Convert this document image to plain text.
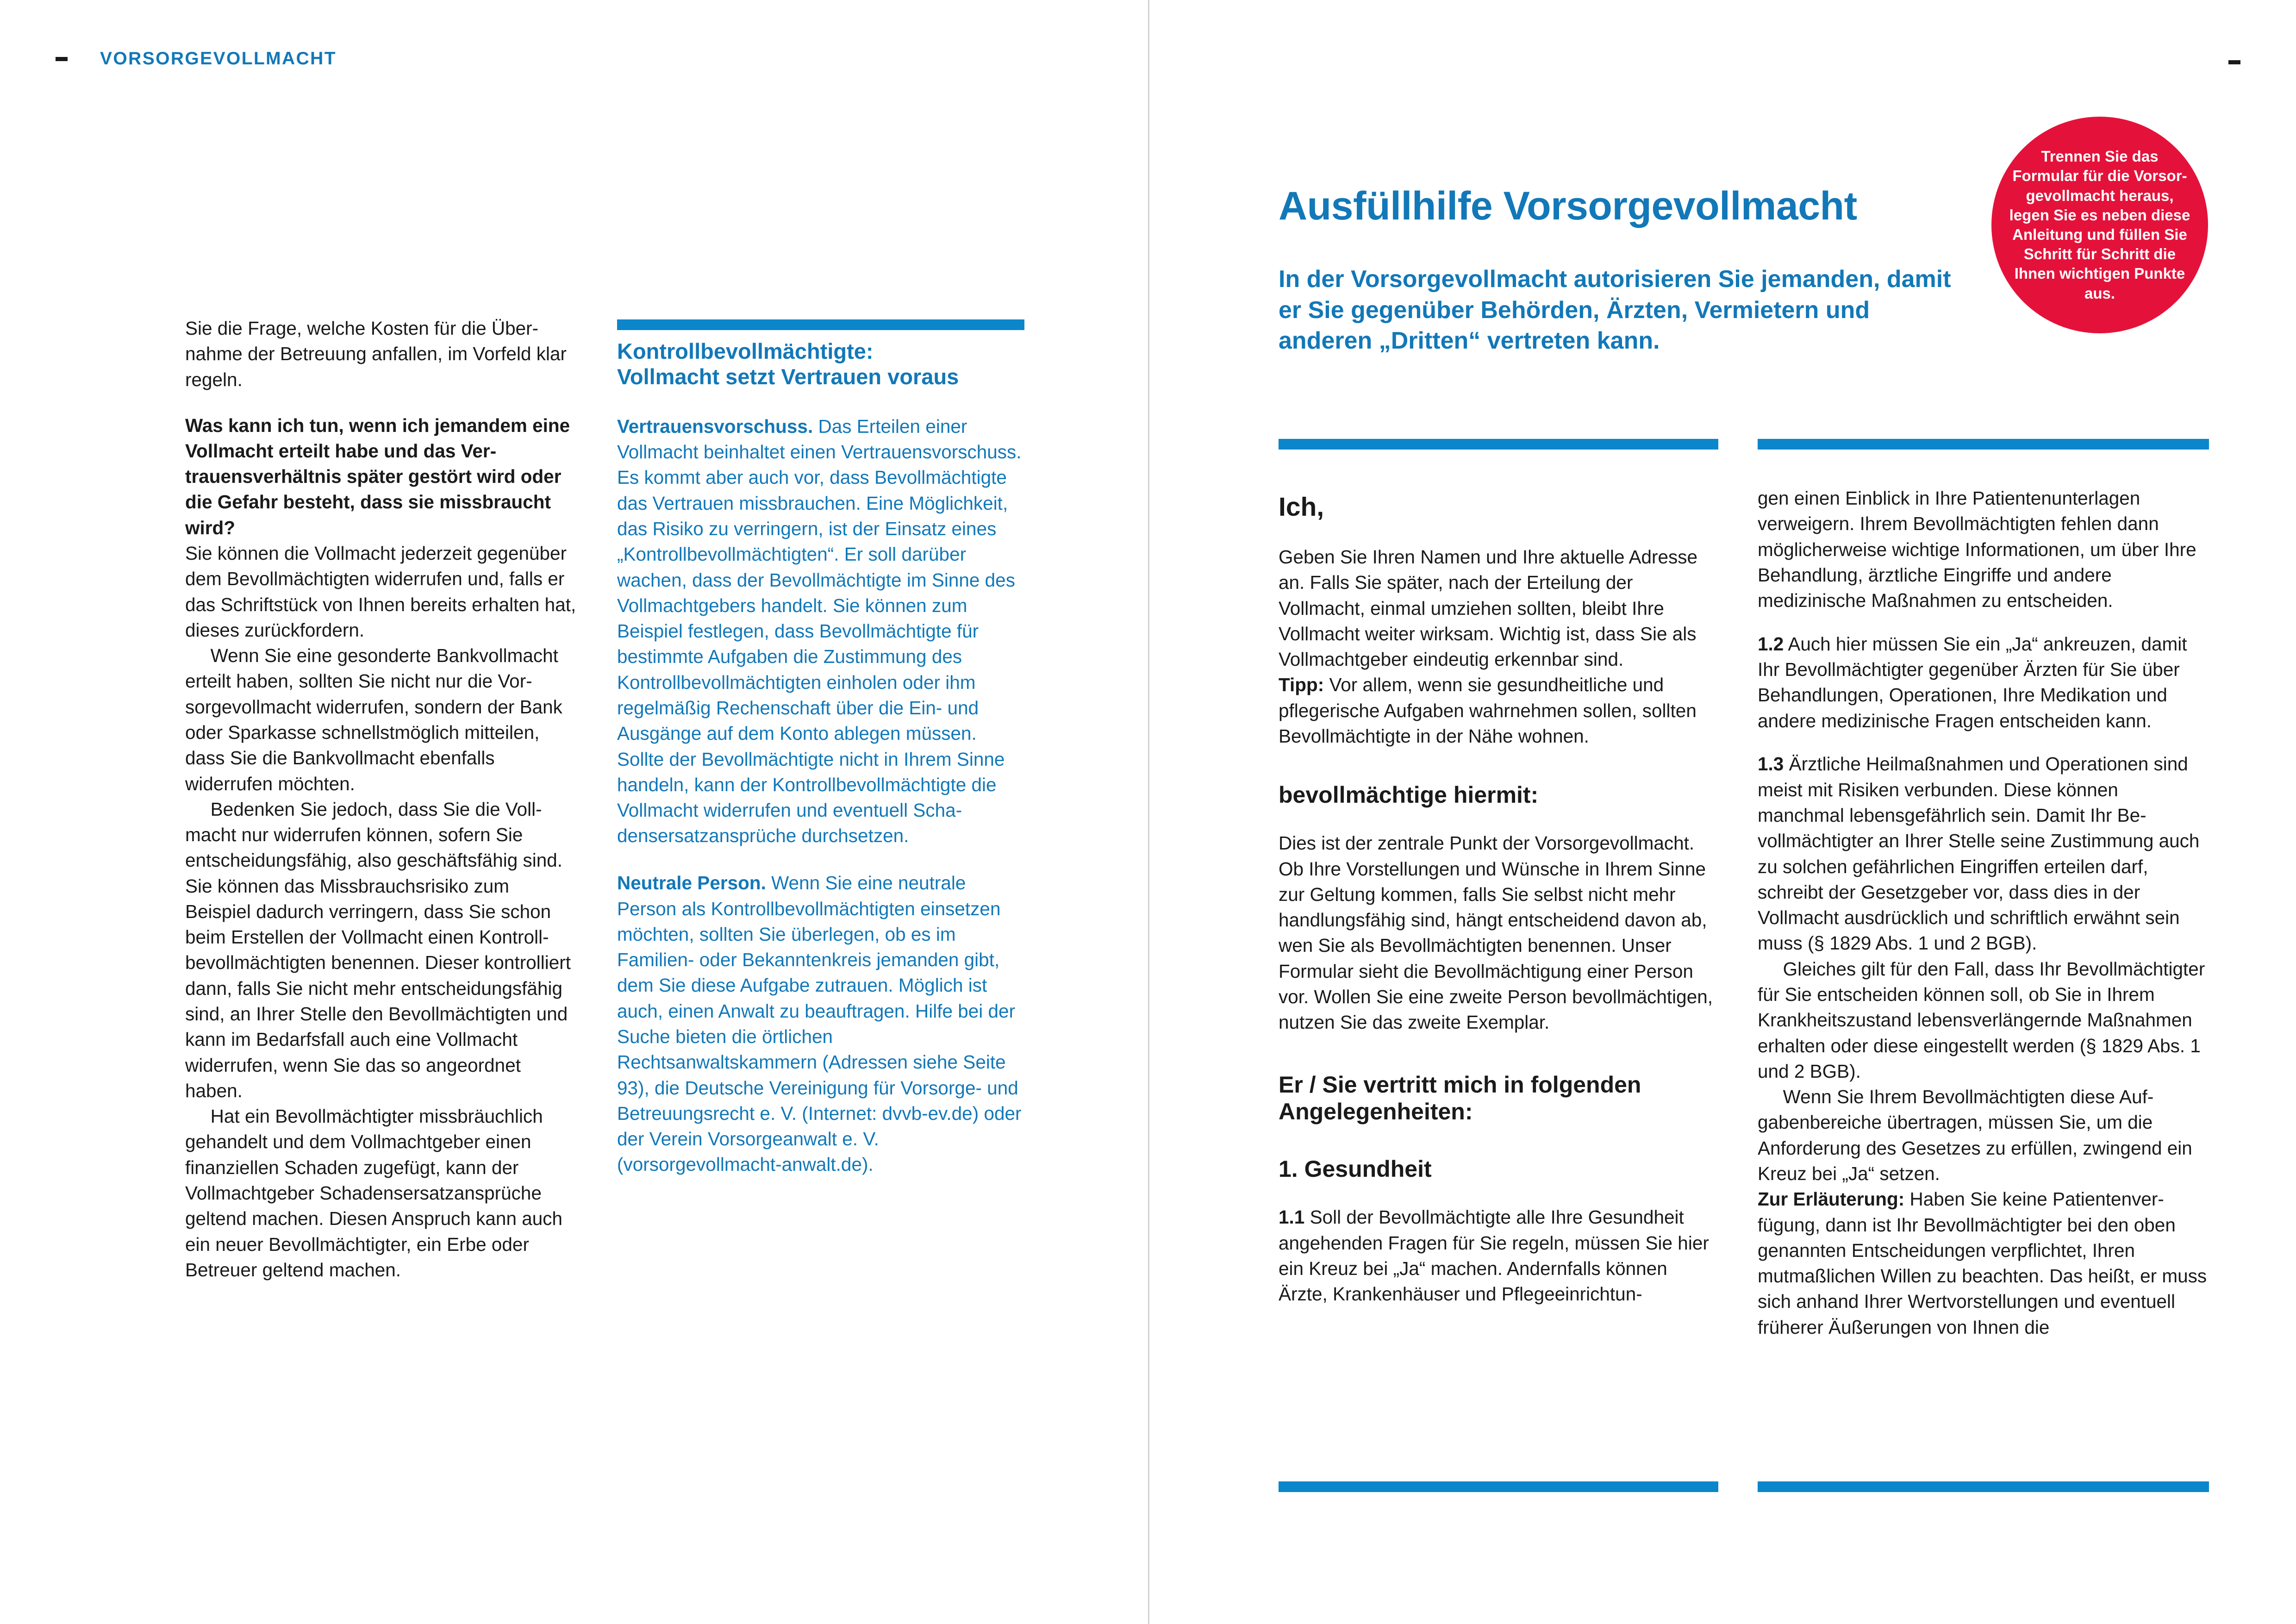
VORSORGEVOLLMACHT

Sie die Frage, welche Kosten für die Übernahme der Betreuung anfallen, im Vorfeld klar regeln.

Was kann ich tun, wenn ich jemandem eine Vollmacht erteilt habe und das Vertrauensverhältnis später gestört wird oder die Gefahr besteht, dass sie missbraucht wird?

Sie können die Vollmacht jederzeit gegenüber dem Bevollmächtigten widerrufen und, falls er das Schriftstück von Ihnen bereits erhalten hat, dieses zurückfordern.

Wenn Sie eine gesonderte Bankvollmacht erteilt haben, sollten Sie nicht nur die Vorsorgevollmacht widerrufen, sondern der Bank oder Sparkasse schnellstmöglich mitteilen, dass Sie die Bankvollmacht ebenfalls widerrufen möchten.

Bedenken Sie jedoch, dass Sie die Vollmacht nur widerrufen können, sofern Sie entscheidungsfähig, also geschäftsfähig sind. Sie können das Missbrauchsrisiko zum Beispiel dadurch verringern, dass Sie schon beim Erstellen der Vollmacht einen Kontrollbevollmächtigten benennen. Dieser kontrolliert dann, falls Sie nicht mehr entscheidungsfähig sind, an Ihrer Stelle den Bevollmächtigten und kann im Bedarfsfall auch eine Vollmacht widerrufen, wenn Sie das so angeordnet haben.

Hat ein Bevollmächtigter missbräuchlich gehandelt und dem Vollmachtgeber einen finanziellen Schaden zugefügt, kann der Vollmachtgeber Schadensersatzansprüche geltend machen. Diesen Anspruch kann auch ein neuer Bevollmächtigter, ein Erbe oder Betreuer geltend machen.

Kontrollbevollmächtigte:
Vollmacht setzt Vertrauen voraus

Vertrauensvorschuss. Das Erteilen einer Vollmacht beinhaltet einen Vertrauensvorschuss. Es kommt aber auch vor, dass Bevollmächtigte das Vertrauen missbrauchen. Eine Möglichkeit, das Risiko zu verringern, ist der Einsatz eines „Kontrollbevollmächtigten“. Er soll darüber wachen, dass der Bevollmächtigte im Sinne des Vollmachtgebers handelt. Sie können zum Beispiel festlegen, dass Bevollmächtigte für bestimmte Aufgaben die Zustimmung des Kontrollbevollmächtigten einholen oder ihm regelmäßig Rechenschaft über die Ein- und Ausgänge auf dem Konto ablegen müssen. Sollte der Bevollmächtigte nicht in Ihrem Sinne handeln, kann der Kontrollbevollmächtigte die Vollmacht widerrufen und eventuell Schadensersatzansprüche durchsetzen.

Neutrale Person. Wenn Sie eine neutrale Person als Kontrollbevollmächtigten einsetzen möchten, sollten Sie überlegen, ob es im Familien- oder Bekanntenkreis jemanden gibt, dem Sie diese Aufgabe zutrauen. Möglich ist auch, einen Anwalt zu beauftragen. Hilfe bei der Suche bieten die örtlichen Rechtsanwaltskammern (Adressen siehe Seite 93), die Deutsche Vereinigung für Vorsorge- und Betreuungsrecht e. V. (Internet: dvvb-ev.de) oder der Verein Vorsorgeanwalt e. V. (vorsorgevollmacht-anwalt.de).

Ausfüllhilfe Vorsorgevollmacht
In der Vorsorgevollmacht autorisieren Sie jemanden, damit er Sie gegenüber Behörden, Ärzten, Vermietern und anderen „Dritten“ vertreten kann.
Trennen Sie das Formular für die Vorsorgevollmacht heraus, legen Sie es neben diese Anleitung und füllen Sie Schritt für Schritt die Ihnen wichtigen Punkte aus.

Ich,

Geben Sie Ihren Namen und Ihre aktuelle Adresse an. Falls Sie später, nach der Erteilung der Vollmacht, einmal umziehen sollten, bleibt Ihre Vollmacht weiter wirksam. Wichtig ist, dass Sie als Vollmachtgeber eindeutig erkennbar sind.

Tipp: Vor allem, wenn sie gesundheitliche und pflegerische Aufgaben wahrnehmen sollen, sollten Bevollmächtigte in der Nähe wohnen.

bevollmächtige hiermit:

Dies ist der zentrale Punkt der Vorsorgevollmacht. Ob Ihre Vorstellungen und Wünsche in Ihrem Sinne zur Geltung kommen, falls Sie selbst nicht mehr handlungsfähig sind, hängt entscheidend davon ab, wen Sie als Bevollmächtigten benennen. Unser Formular sieht die Bevollmächtigung einer Person vor. Wollen Sie eine zweite Person bevollmächtigen, nutzen Sie das zweite Exemplar.

Er / Sie vertritt mich in folgenden
Angelegenheiten:

1. Gesundheit

1.1 Soll der Bevollmächtigte alle Ihre Gesundheit angehenden Fragen für Sie regeln, müssen Sie hier ein Kreuz bei „Ja“ machen. Andernfalls können Ärzte, Krankenhäuser und Pflegeeinrichtun-

gen einen Einblick in Ihre Patientenunterlagen verweigern. Ihrem Bevollmächtigten fehlen dann möglicherweise wichtige Informationen, um über Ihre Behandlung, ärztliche Eingriffe und andere medizinische Maßnahmen zu entscheiden.

1.2 Auch hier müssen Sie ein „Ja“ ankreuzen, damit Ihr Bevollmächtigter gegenüber Ärzten für Sie über Behandlungen, Operationen, Ihre Medikation und andere medizinische Fragen entscheiden kann.

1.3 Ärztliche Heilmaßnahmen und Operationen sind meist mit Risiken verbunden. Diese können manchmal lebensgefährlich sein. Damit Ihr Bevollmächtigter an Ihrer Stelle seine Zustimmung auch zu solchen gefährlichen Eingriffen erteilen darf, schreibt der Gesetzgeber vor, dass dies in der Vollmacht ausdrücklich und schriftlich erwähnt sein muss (§ 1829 Abs. 1 und 2 BGB).

Gleiches gilt für den Fall, dass Ihr Bevollmächtigter für Sie entscheiden können soll, ob Sie in Ihrem Krankheitszustand lebensverlängernde Maßnahmen erhalten oder diese eingestellt werden (§ 1829 Abs. 1 und 2 BGB).

Wenn Sie Ihrem Bevollmächtigten diese Aufgabenbereiche übertragen, müssen Sie, um die Anforderung des Gesetzes zu erfüllen, zwingend ein Kreuz bei „Ja“ setzen.

Zur Erläuterung: Haben Sie keine Patientenverfügung, dann ist Ihr Bevollmächtigter bei den oben genannten Entscheidungen verpflichtet, Ihren mutmaßlichen Willen zu beachten. Das heißt, er muss sich anhand Ihrer Wertvorstellungen und eventuell früherer Äußerungen von Ihnen die
